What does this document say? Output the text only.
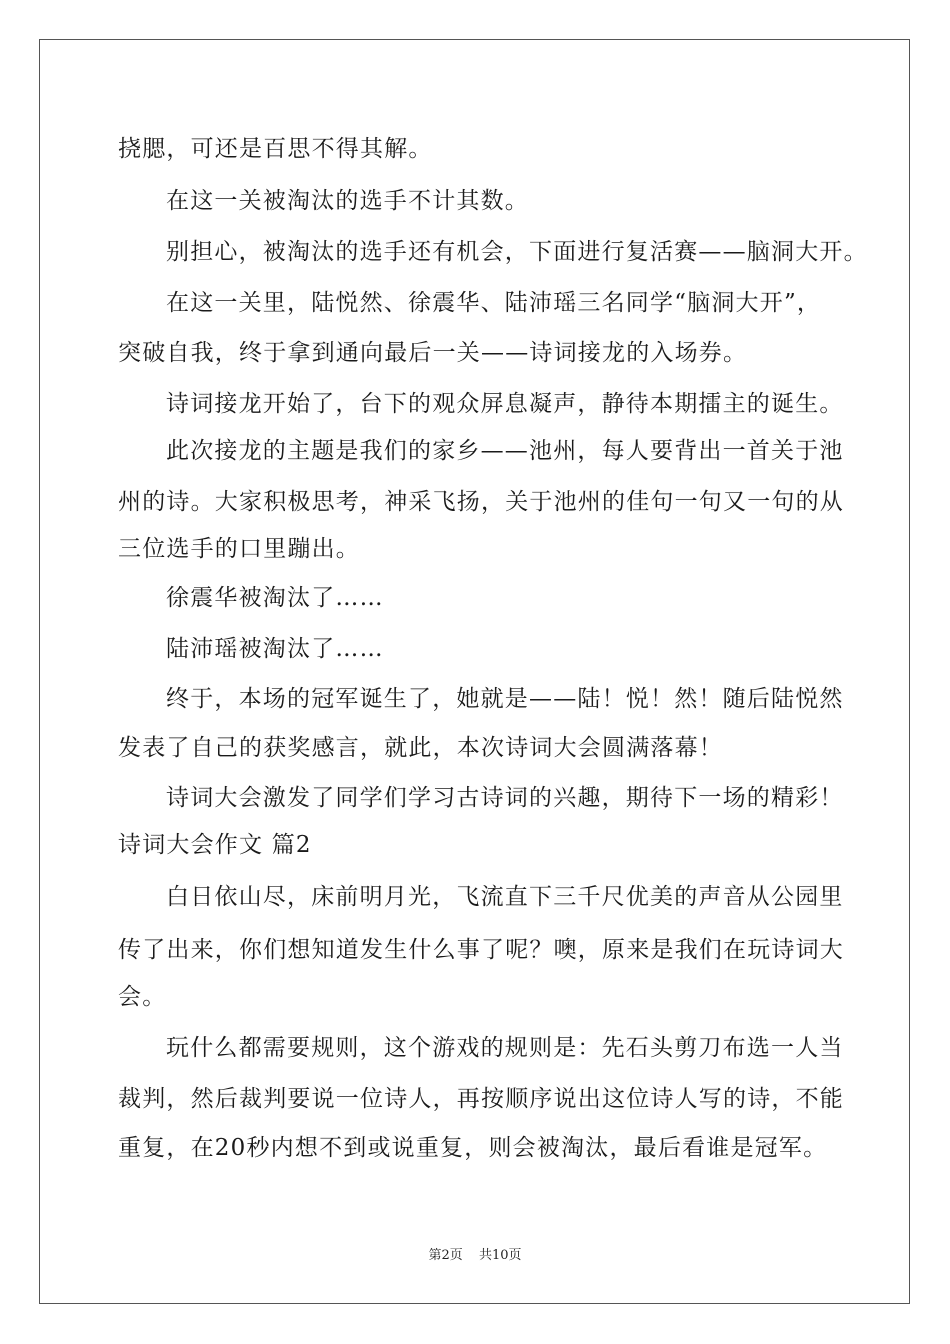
挠腮，可还是百思不得其解。
在这一关被淘汰的选手不计其数。
别担心，被淘汰的选手还有机会，下面进行复活赛——脑洞大开。
在这一关里，陆悦然、徐震华、陆沛瑶三名同学“脑洞大开”，
突破自我，终于拿到通向最后一关——诗词接龙的入场券。
诗词接龙开始了，台下的观众屏息凝声，静待本期擂主的诞生。
此次接龙的主题是我们的家乡——池州，每人要背出一首关于池
州的诗。大家积极思考，神采飞扬，关于池州的佳句一句又一句的从
三位选手的口里蹦出。
徐震华被淘汰了……
陆沛瑶被淘汰了……
终于，本场的冠军诞生了，她就是——陆！悦！然！随后陆悦然
发表了自己的获奖感言，就此，本次诗词大会圆满落幕！
诗词大会激发了同学们学习古诗词的兴趣，期待下一场的精彩！
诗词大会作文 篇2
白日依山尽，床前明月光，飞流直下三千尺优美的声音从公园里
传了出来，你们想知道发生什么事了呢？噢，原来是我们在玩诗词大
会。
玩什么都需要规则，这个游戏的规则是：先石头剪刀布选一人当
裁判，然后裁判要说一位诗人，再按顺序说出这位诗人写的诗，不能
重复，在20秒内想不到或说重复，则会被淘汰，最后看谁是冠军。
第2页 共10页
